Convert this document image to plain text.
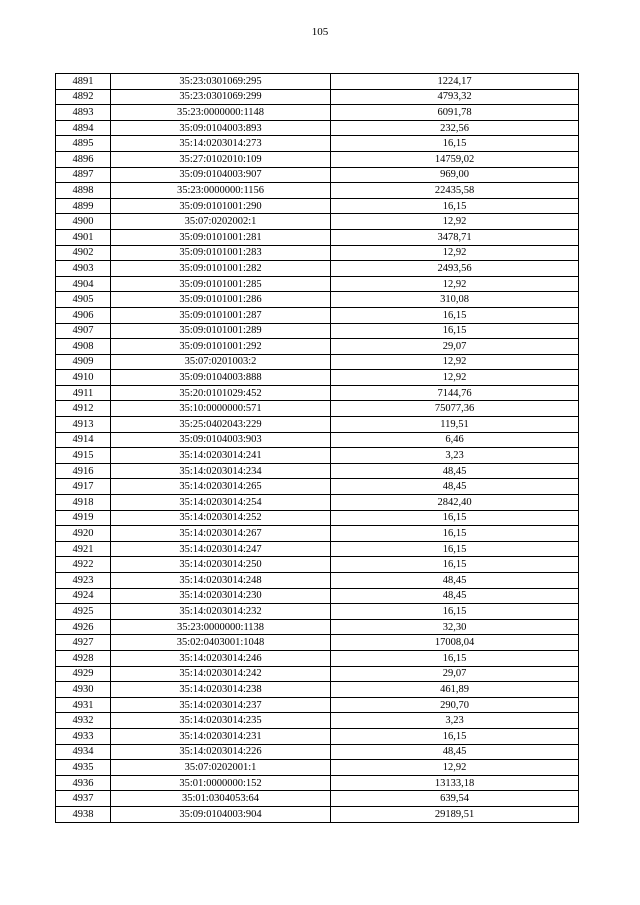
105
4891	35:23:0301069:295	1224,17
4892	35:23:0301069:299	4793,32
4893	35:23:0000000:1148	6091,78
4894	35:09:0104003:893	232,56
4895	35:14:0203014:273	16,15
4896	35:27:0102010:109	14759,02
4897	35:09:0104003:907	969,00
4898	35:23:0000000:1156	22435,58
4899	35:09:0101001:290	16,15
4900	35:07:0202002:1	12,92
4901	35:09:0101001:281	3478,71
4902	35:09:0101001:283	12,92
4903	35:09:0101001:282	2493,56
4904	35:09:0101001:285	12,92
4905	35:09:0101001:286	310,08
4906	35:09:0101001:287	16,15
4907	35:09:0101001:289	16,15
4908	35:09:0101001:292	29,07
4909	35:07:0201003:2	12,92
4910	35:09:0104003:888	12,92
4911	35:20:0101029:452	7144,76
4912	35:10:0000000:571	75077,36
4913	35:25:0402043:229	119,51
4914	35:09:0104003:903	6,46
4915	35:14:0203014:241	3,23
4916	35:14:0203014:234	48,45
4917	35:14:0203014:265	48,45
4918	35:14:0203014:254	2842,40
4919	35:14:0203014:252	16,15
4920	35:14:0203014:267	16,15
4921	35:14:0203014:247	16,15
4922	35:14:0203014:250	16,15
4923	35:14:0203014:248	48,45
4924	35:14:0203014:230	48,45
4925	35:14:0203014:232	16,15
4926	35:23:0000000:1138	32,30
4927	35:02:0403001:1048	17008,04
4928	35:14:0203014:246	16,15
4929	35:14:0203014:242	29,07
4930	35:14:0203014:238	461,89
4931	35:14:0203014:237	290,70
4932	35:14:0203014:235	3,23
4933	35:14:0203014:231	16,15
4934	35:14:0203014:226	48,45
4935	35:07:0202001:1	12,92
4936	35:01:0000000:152	13133,18
4937	35:01:0304053:64	639,54
4938	35:09:0104003:904	29189,51
